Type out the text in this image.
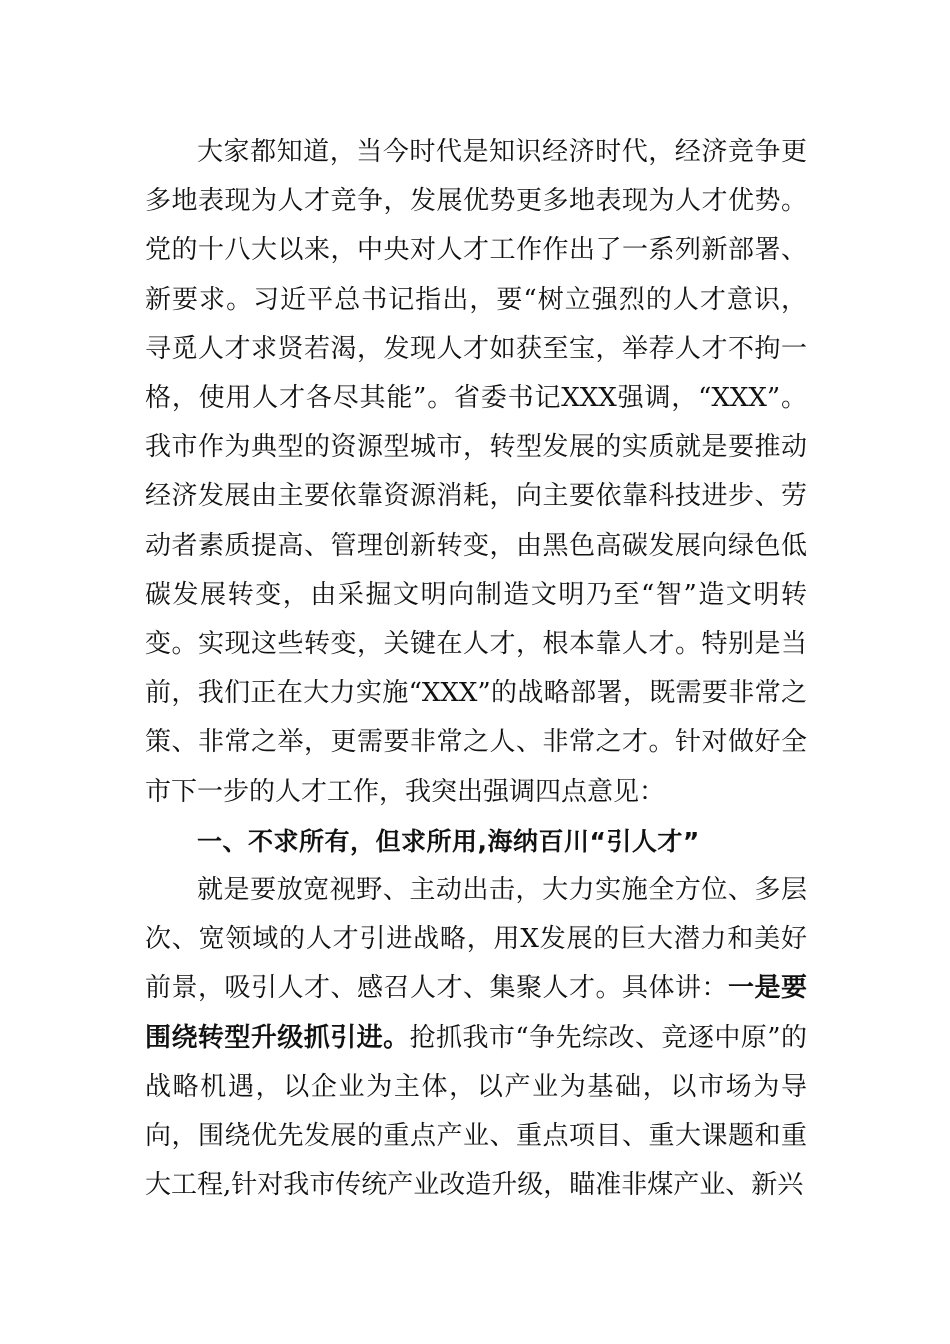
大家都知道，当今时代是知识经济时代，经济竞争更多地表现为人才竞争，发展优势更多地表现为人才优势。党的十八大以来，中央对人才工作作出了一系列新部署、新要求。习近平总书记指出，要“树立强烈的人才意识，寻觅人才求贤若渴，发现人才如获至宝，举荐人才不拘一格，使用人才各尽其能”。省委书记XXX强调，“XXX”。我市作为典型的资源型城市，转型发展的实质就是要推动经济发展由主要依靠资源消耗，向主要依靠科技进步、劳动者素质提高、管理创新转变，由黑色高碳发展向绿色低碳发展转变，由采掘文明向制造文明乃至“智”造文明转变。实现这些转变，关键在人才，根本靠人才。特别是当前，我们正在大力实施“XXX”的战略部署，既需要非常之策、非常之举，更需要非常之人、非常之才。针对做好全市下一步的人才工作，我突出强调四点意见：

一、不求所有，但求所用,海纳百川“引人才”

就是要放宽视野、主动出击，大力实施全方位、多层次、宽领域的人才引进战略，用X发展的巨大潜力和美好前景，吸引人才、感召人才、集聚人才。具体讲：一是要围绕转型升级抓引进。抢抓我市“争先综改、竞逐中原”的战略机遇，以企业为主体，以产业为基础，以市场为导向，围绕优先发展的重点产业、重点项目、重大课题和重大工程,针对我市传统产业改造升级，瞄准非煤产业、新兴
